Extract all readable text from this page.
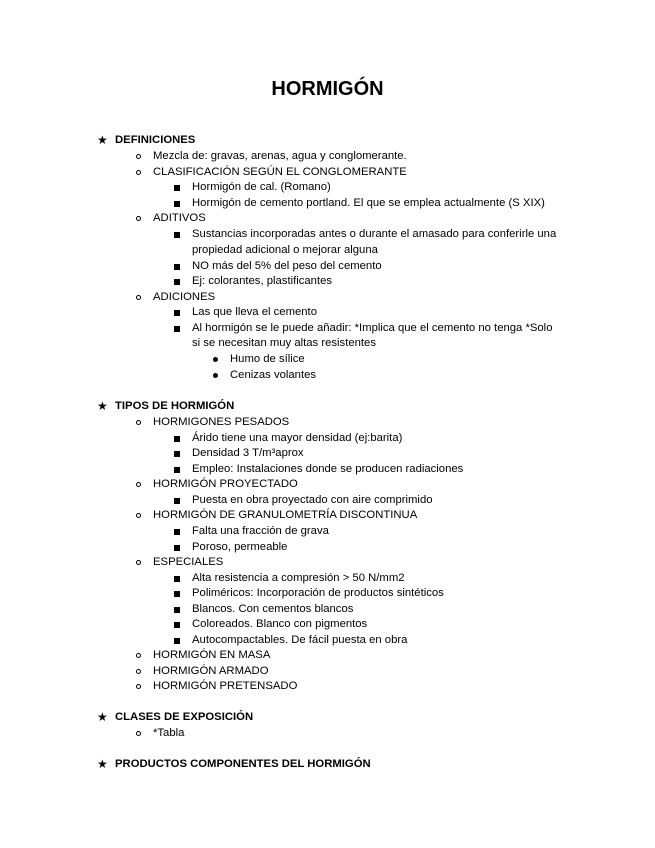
HORMIGÓN
★ DEFINICIONES
Mezcla de: gravas, arenas, agua y conglomerante.
CLASIFICACIÓN SEGÚN EL CONGLOMERANTE
Hormigón de cal. (Romano)
Hormigón de cemento portland. El que se emplea actualmente (S XIX)
ADITIVOS
Sustancias incorporadas antes o durante el amasado para conferirle una
propiedad adicional o mejorar alguna
NO más del 5% del peso del cemento
Ej: colorantes, plastificantes
ADICIONES
Las que lleva el cemento
Al hormigón se le puede añadir: *Implica que el cemento no tenga *Solo
si se necesitan muy altas resistentes
Humo de sílice
Cenizas volantes
★ TIPOS DE HORMIGÓN
HORMIGONES PESADOS
Árido tiene una mayor densidad (ej:barita)
Densidad 3 T/m³aprox
Empleo: Instalaciones donde se producen radiaciones
HORMIGÓN PROYECTADO
Puesta en obra proyectado con aire comprimido
HORMIGÓN DE GRANULOMETRÍA DISCONTINUA
Falta una fracción de grava
Poroso, permeable
ESPECIALES
Alta resistencia a compresión > 50 N/mm2
Poliméricos: Incorporación de productos sintéticos
Blancos. Con cementos blancos
Coloreados. Blanco con pigmentos
Autocompactables. De fácil puesta en obra
HORMIGÓN EN MASA
HORMIGÓN ARMADO
HORMIGÓN PRETENSADO
★ CLASES DE EXPOSICIÓN
*Tabla
★ PRODUCTOS COMPONENTES DEL HORMIGÓN
